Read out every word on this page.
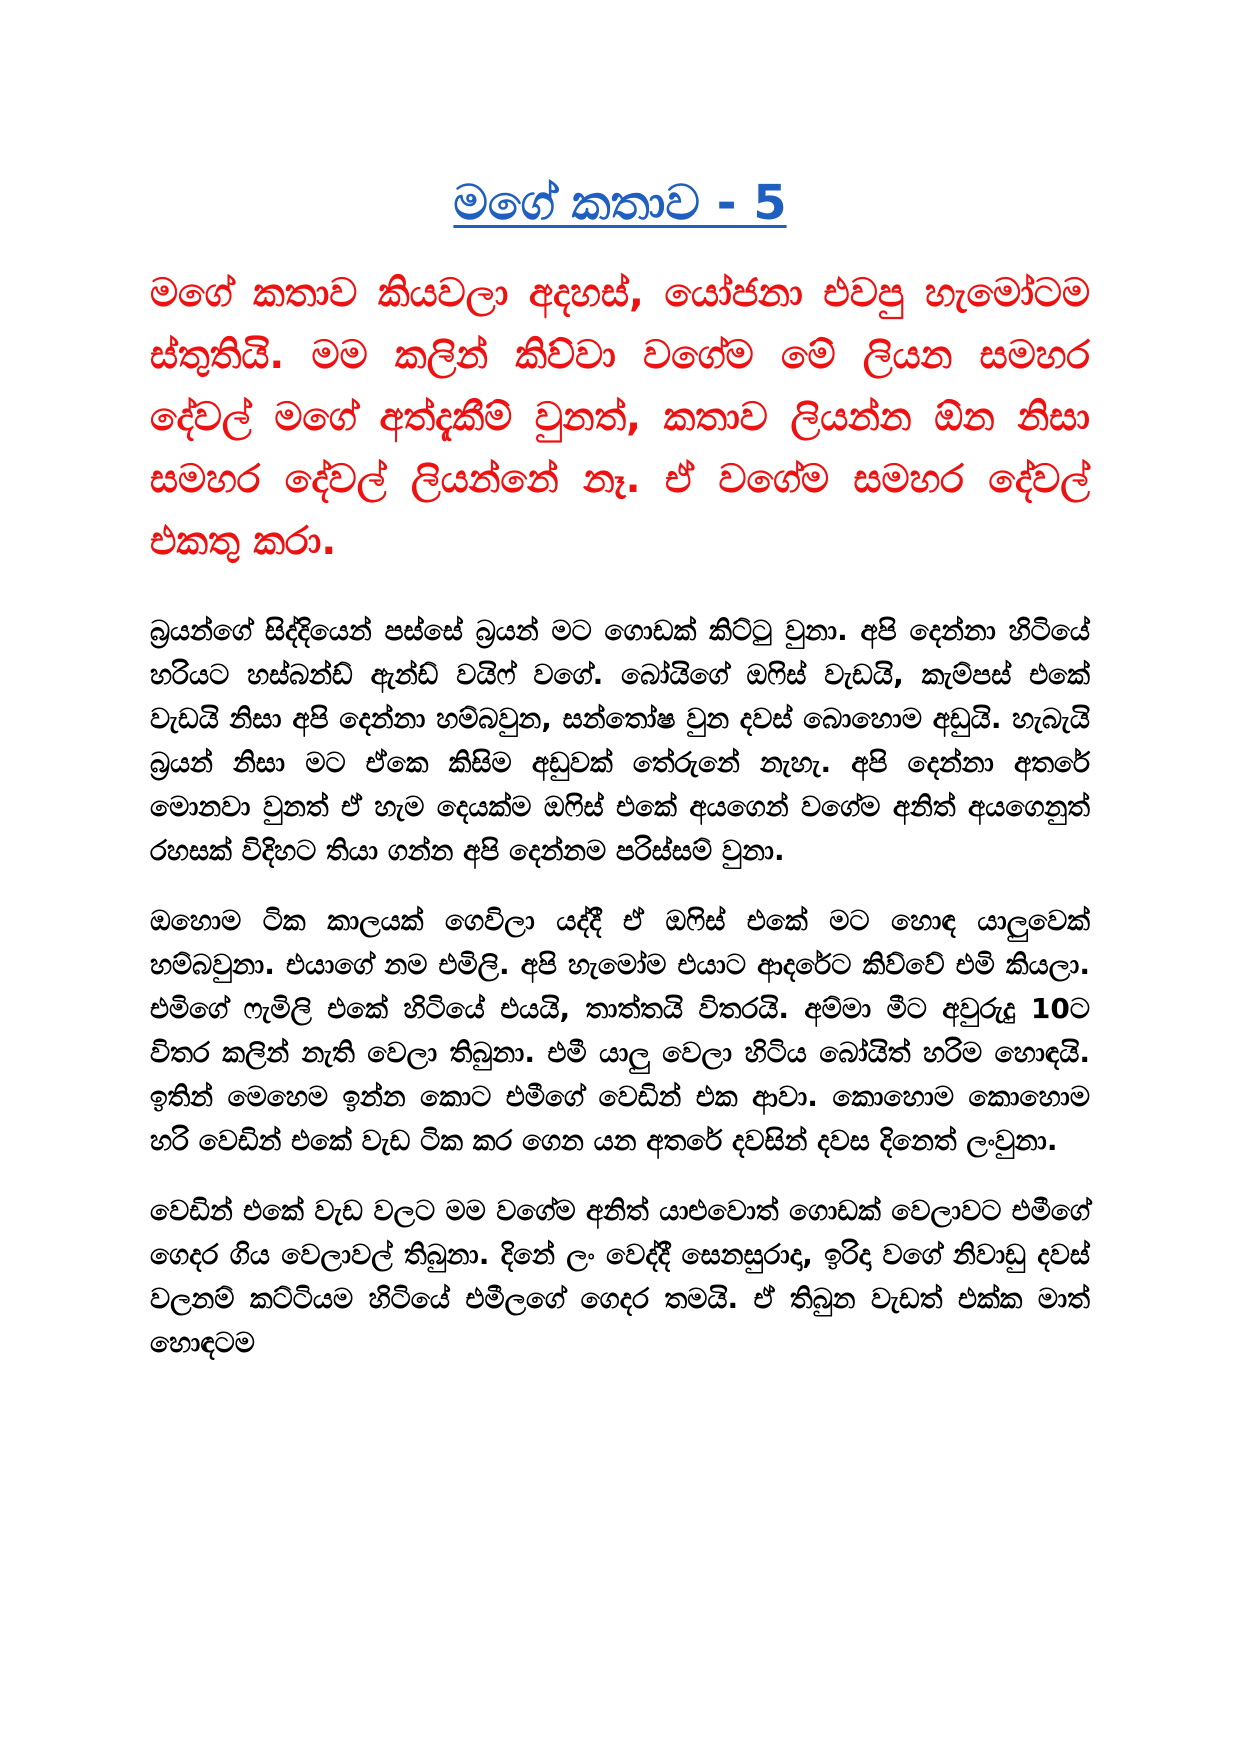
මගේ කතාව - 5

මගේ කතාව කියවලා අදහස්, යෝජනා එවපු හැමෝටම ස්තුතියි. මම කලින් කිව්වා වගේම මේ ලියන සමහර දේවල් මගේ අත්දැකීම් වුනත්, කතාව ලියන්න ඕන නිසා සමහර දේවල් ලියන්නේ නෑ. ඒ වගේම සමහර දේවල් එකතු කරා.

බ්‍රයන්ගේ සිද්දියෙන් පස්සේ බ්‍රයන් මට ගොඩක් කිට්ටු වුනා. අපි දෙන්නා හිටියේ හරියට හස්බන්ඩ් ඇන්ඩ් වයිෆ් වගේ. බෝයිගේ ඔෆිස් වැඩයි, කැම්පස් එකේ වැඩයි නිසා අපි දෙන්නා හම්බවුන, සන්තෝෂ වුන දවස් බොහොම අඩුයි. හැබැයි බ්‍රයන් නිසා මට ඒකෙ කිසිම අඩුවක් තේරුනේ නැහැ. අපි දෙන්නා අතරේ මොනවා වුනත් ඒ හැම දෙයක්ම ඔෆිස් එකේ අයගෙන් වගේම අනිත් අයගෙනුත් රහසක් විදිහට තියා ගන්න අපි දෙන්නම පරිස්සම් වුනා.

ඔහොම ටික කාලයක් ගෙවිලා යද්දී ඒ ඔෆිස් එකේ මට හොඳ යාලුවෙක් හම්බවුනා. එයාගේ නම එමිලි. අපි හැමෝම එයාට ආදරේට කිව්වේ එමි කියලා. එමිගේ ෆැමිලි එකේ හිටියේ එයයි, තාත්තයි විතරයි. අම්මා මීට අවුරුදු 10ට විතර කලින් නැති වෙලා තිබුනා. එමී යාලු වෙලා හිටිය බෝයිත් හරිම හොඳයි. ඉතින් මෙහෙම ඉන්න කොට එමීගේ වෙඩින් එක ආවා. කොහොම කොහොම හරි වෙඩින් එකේ වැඩ ටික කර ගෙන යන අතරේ දවසින් දවස දිනෙත් ලංවුනා.

වෙඩින් එකේ වැඩ වලට මම වගේම අනිත් යාළුවොත් ගොඩක් වෙලාවට එමීගේ ගෙදර ගිය වෙලාවල් තිබුනා. දිනේ ලං වෙද්දී සෙනසුරාදා, ඉරිදා වගේ නිවාඩු දවස් වලනම් කට්ටියම හිටියේ එමීලගේ ගෙදර තමයි. ඒ තිබුන වැඩත් එක්ක මාත් හොඳටම
